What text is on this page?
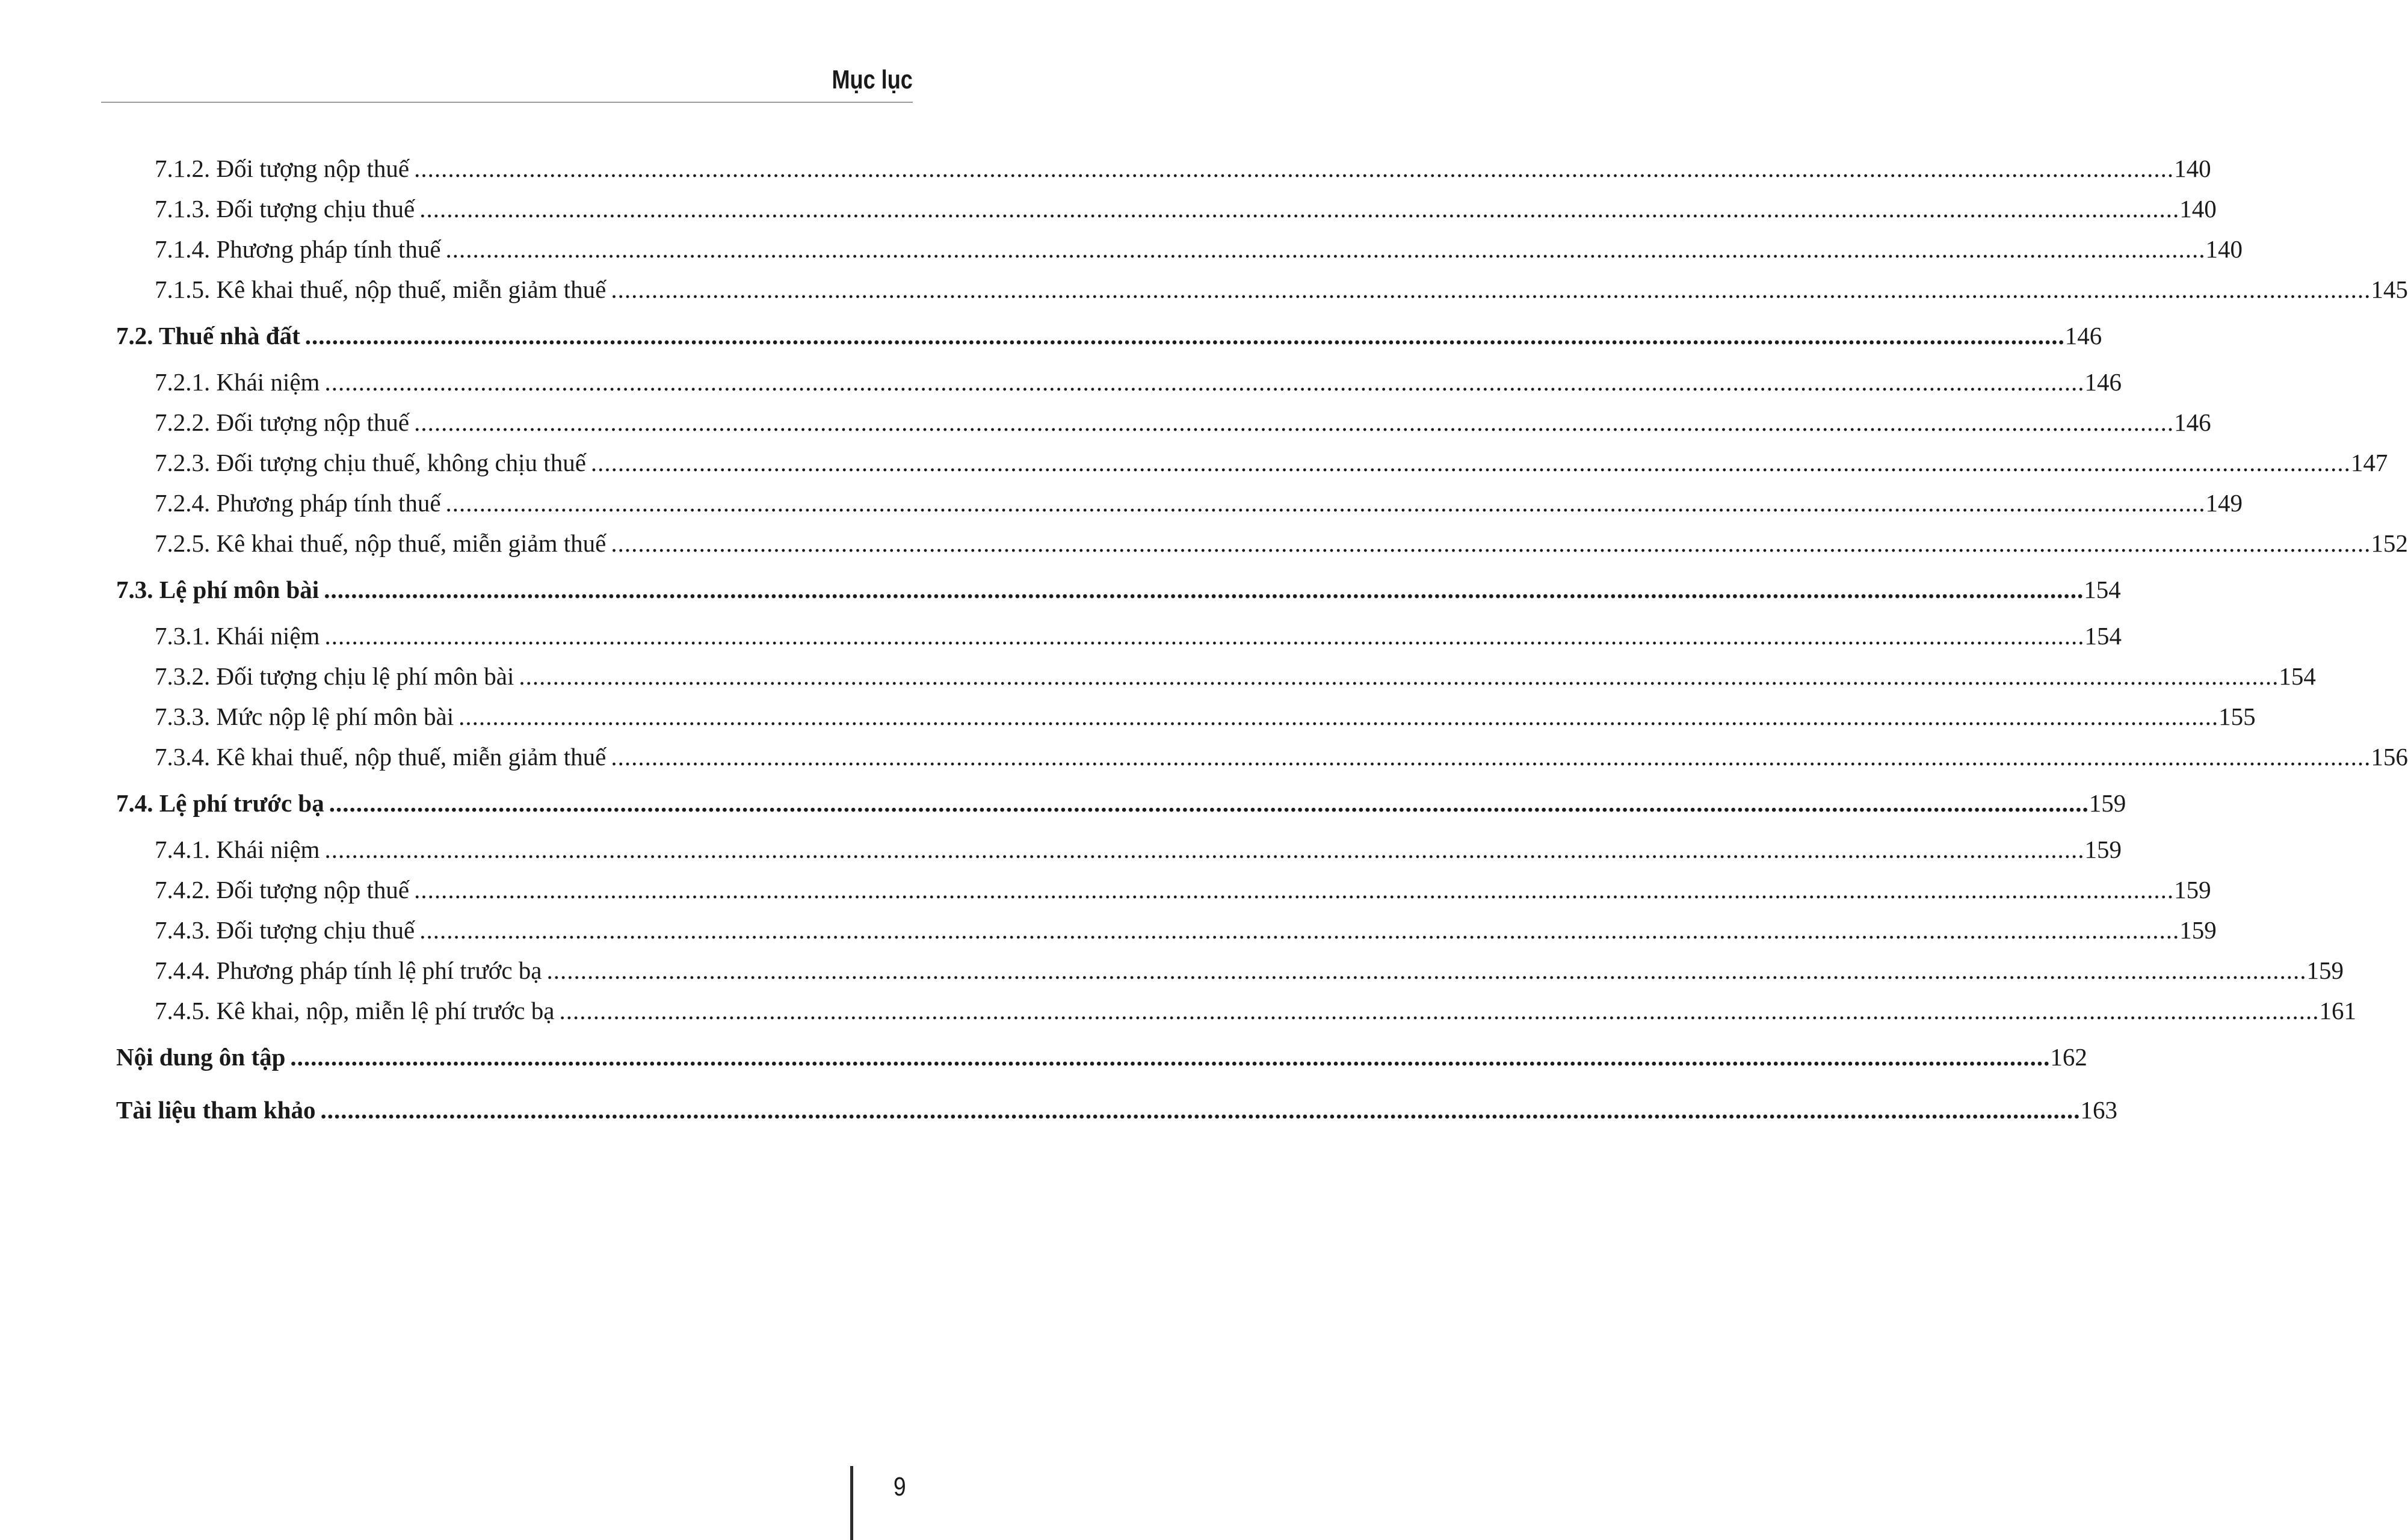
Mục lục
7.1.2. Đối tượng nộp thuế .................................................................................................................................................................................................................................................................... 140
7.1.3. Đối tượng chịu thuế .................................................................................................................................................................................................................................................................... 140
7.1.4. Phương pháp tính thuế .................................................................................................................................................................................................................................................................... 140
7.1.5. Kê khai thuế, nộp thuế, miễn giảm thuế .................................................................................................................................................................................................................................................................... 145
7.2. Thuế nhà đất .................................................................................................................................................................................................................................................................... 146
7.2.1. Khái niệm .................................................................................................................................................................................................................................................................... 146
7.2.2. Đối tượng nộp thuế .................................................................................................................................................................................................................................................................... 146
7.2.3. Đối tượng chịu thuế, không chịu thuế .................................................................................................................................................................................................................................................................... 147
7.2.4. Phương pháp tính thuế .................................................................................................................................................................................................................................................................... 149
7.2.5. Kê khai thuế, nộp thuế, miễn giảm thuế .................................................................................................................................................................................................................................................................... 152
7.3. Lệ phí môn bài .................................................................................................................................................................................................................................................................... 154
7.3.1. Khái niệm .................................................................................................................................................................................................................................................................... 154
7.3.2. Đối tượng chịu lệ phí môn bài .................................................................................................................................................................................................................................................................... 154
7.3.3. Mức nộp lệ phí môn bài .................................................................................................................................................................................................................................................................... 155
7.3.4. Kê khai thuế, nộp thuế, miễn giảm thuế .................................................................................................................................................................................................................................................................... 156
7.4. Lệ phí trước bạ .................................................................................................................................................................................................................................................................... 159
7.4.1. Khái niệm .................................................................................................................................................................................................................................................................... 159
7.4.2. Đối tượng nộp thuế .................................................................................................................................................................................................................................................................... 159
7.4.3. Đối tượng chịu thuế .................................................................................................................................................................................................................................................................... 159
7.4.4. Phương pháp tính lệ phí trước bạ .................................................................................................................................................................................................................................................................... 159
7.4.5. Kê khai, nộp, miễn lệ phí trước bạ .................................................................................................................................................................................................................................................................... 161
Nội dung ôn tập .................................................................................................................................................................................................................................................................... 162
Tài liệu tham khảo .................................................................................................................................................................................................................................................................... 163
9
